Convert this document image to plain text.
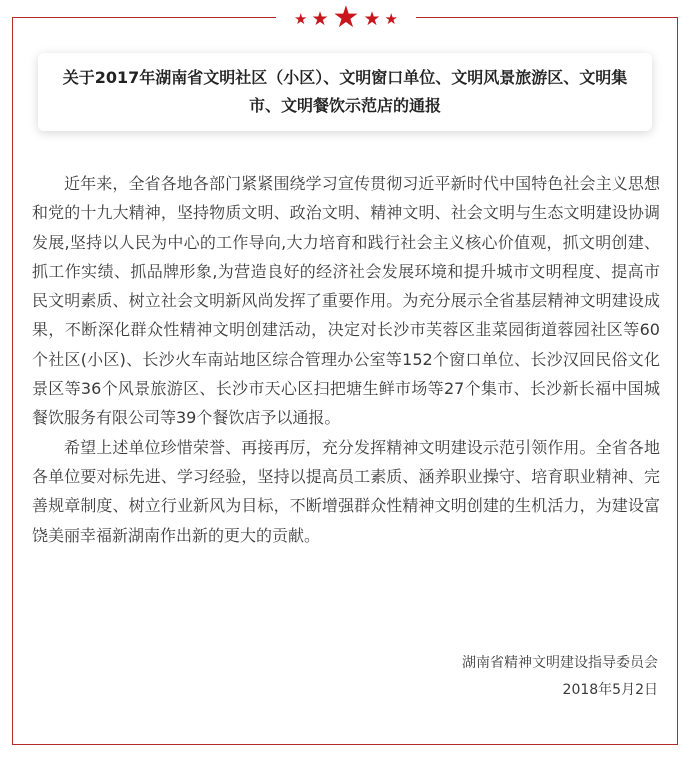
★ ★ ★ ★ ★
关于2017年湖南省文明社区（小区）、文明窗口单位、文明风景旅游区、文明集市、文明餐饮示范店的通报

近年来，全省各地各部门紧紧围绕学习宣传贯彻习近平新时代中国特色社会主义思想和党的十九大精神，坚持物质文明、政治文明、精神文明、社会文明与生态文明建设协调发展,坚持以人民为中心的工作导向,大力培育和践行社会主义核心价值观，抓文明创建、抓工作实绩、抓品牌形象,为营造良好的经济社会发展环境和提升城市文明程度、提高市民文明素质、树立社会文明新风尚发挥了重要作用。为充分展示全省基层精神文明建设成果，不断深化群众性精神文明创建活动，决定对长沙市芙蓉区韭菜园街道蓉园社区等60个社区(小区)、长沙火车南站地区综合管理办公室等152个窗口单位、长沙汉回民俗文化景区等36个风景旅游区、长沙市天心区扫把塘生鲜市场等27个集市、长沙新长福中国城餐饮服务有限公司等39个餐饮店予以通报。

希望上述单位珍惜荣誉、再接再厉，充分发挥精神文明建设示范引领作用。全省各地各单位要对标先进、学习经验，坚持以提高员工素质、涵养职业操守、培育职业精神、完善规章制度、树立行业新风为目标，不断增强群众性精神文明创建的生机活力，为建设富饶美丽幸福新湖南作出新的更大的贡献。

湖南省精神文明建设指导委员会
2018年5月2日
